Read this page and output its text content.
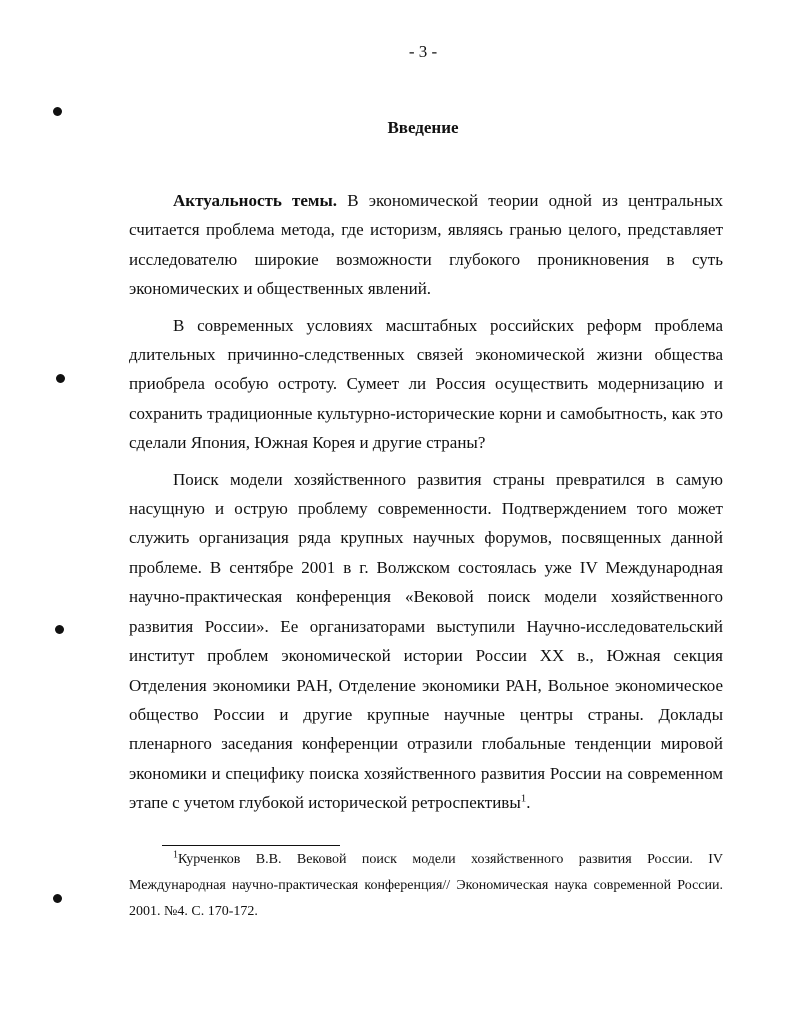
- 3 -
Введение

Актуальность темы. В экономической теории одной из центральных считается проблема метода, где историзм, являясь гранью целого, представляет исследователю широкие возможности глубокого проникновения в суть экономических и общественных явлений.

В современных условиях масштабных российских реформ проблема длительных причинно-следственных связей экономической жизни общества приобрела особую остроту. Сумеет ли Россия осуществить модернизацию и сохранить традиционные культурно-исторические корни и самобытность, как это сделали Япония, Южная Корея и другие страны?

Поиск модели хозяйственного развития страны превратился в самую насущную и острую проблему современности. Подтверждением того может служить организация ряда крупных научных форумов, посвященных данной проблеме. В сентябре 2001 в г. Волжском состоялась уже IV Международная научно-практическая конференция «Вековой поиск модели хозяйственного развития России». Ее организаторами выступили Научно-исследовательский институт проблем экономической истории России XX в., Южная секция Отделения экономики РАН, Отделение экономики РАН, Вольное экономическое общество России и другие крупные научные центры страны. Доклады пленарного заседания конференции отразили глобальные тенденции мировой экономики и специфику поиска хозяйственного развития России на современном этапе с учетом глубокой исторической ретроспективы$^1$.

$^1$Курченков В.В. Вековой поиск модели хозяйственного развития России. IV Международная научно-практическая конференция// Экономическая наука современной России. 2001. №4. С. 170-172.
